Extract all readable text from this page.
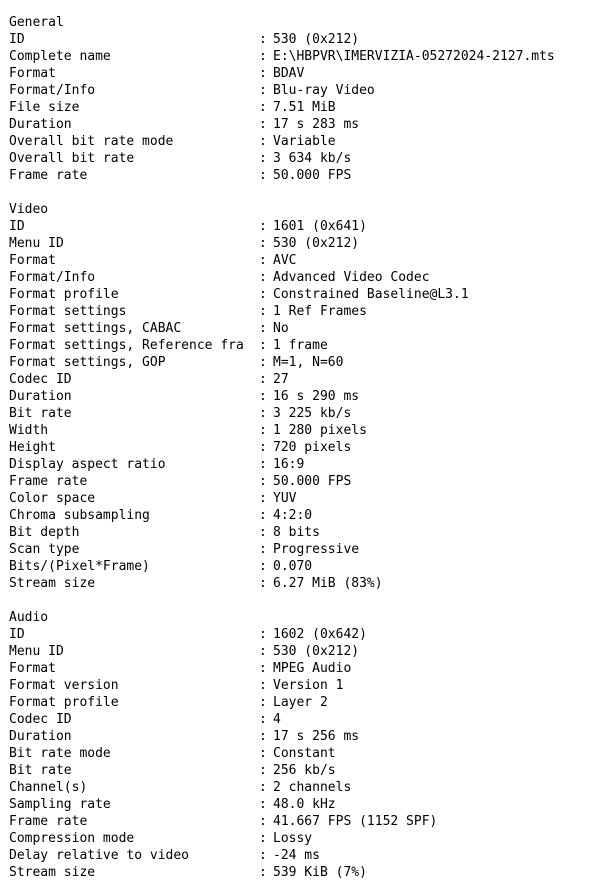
General
ID	:
530 (0x212)
Complete name	:
E:\HBPVR\IMERVIZIA-05272024-2127.mts
Format	:
BDAV
Format/Info	:
Blu-ray Video
File size	:
7.51 MiB
Duration	:
17 s 283 ms
Overall bit rate mode	:
Variable
Overall bit rate	:
3 634 kb/s
Frame rate	:
50.000 FPS
Video
ID	:
1601 (0x641)
Menu ID	:
530 (0x212)
Format	:
AVC
Format/Info	:
Advanced Video Codec
Format profile	:
Constrained Baseline@L3.1
Format settings	:
1 Ref Frames
Format settings, CABAC	:
No
Format settings, Reference fra	:
1 frame
Format settings, GOP	:
M=1, N=60
Codec ID	:
27
Duration	:
16 s 290 ms
Bit rate	:
3 225 kb/s
Width	:
1 280 pixels
Height	:
720 pixels
Display aspect ratio	:
16:9
Frame rate	:
50.000 FPS
Color space	:
YUV
Chroma subsampling	:
4:2:0
Bit depth	:
8 bits
Scan type	:
Progressive
Bits/(Pixel*Frame)	:
0.070
Stream size	:
6.27 MiB (83%)
Audio
ID	:
1602 (0x642)
Menu ID	:
530 (0x212)
Format	:
MPEG Audio
Format version	:
Version 1
Format profile	:
Layer 2
Codec ID	:
4
Duration	:
17 s 256 ms
Bit rate mode	:
Constant
Bit rate	:
256 kb/s
Channel(s)	:
2 channels
Sampling rate	:
48.0 kHz
Frame rate	:
41.667 FPS (1152 SPF)
Compression mode	:
Lossy
Delay relative to video	:
-24 ms
Stream size	:
539 KiB (7%)
